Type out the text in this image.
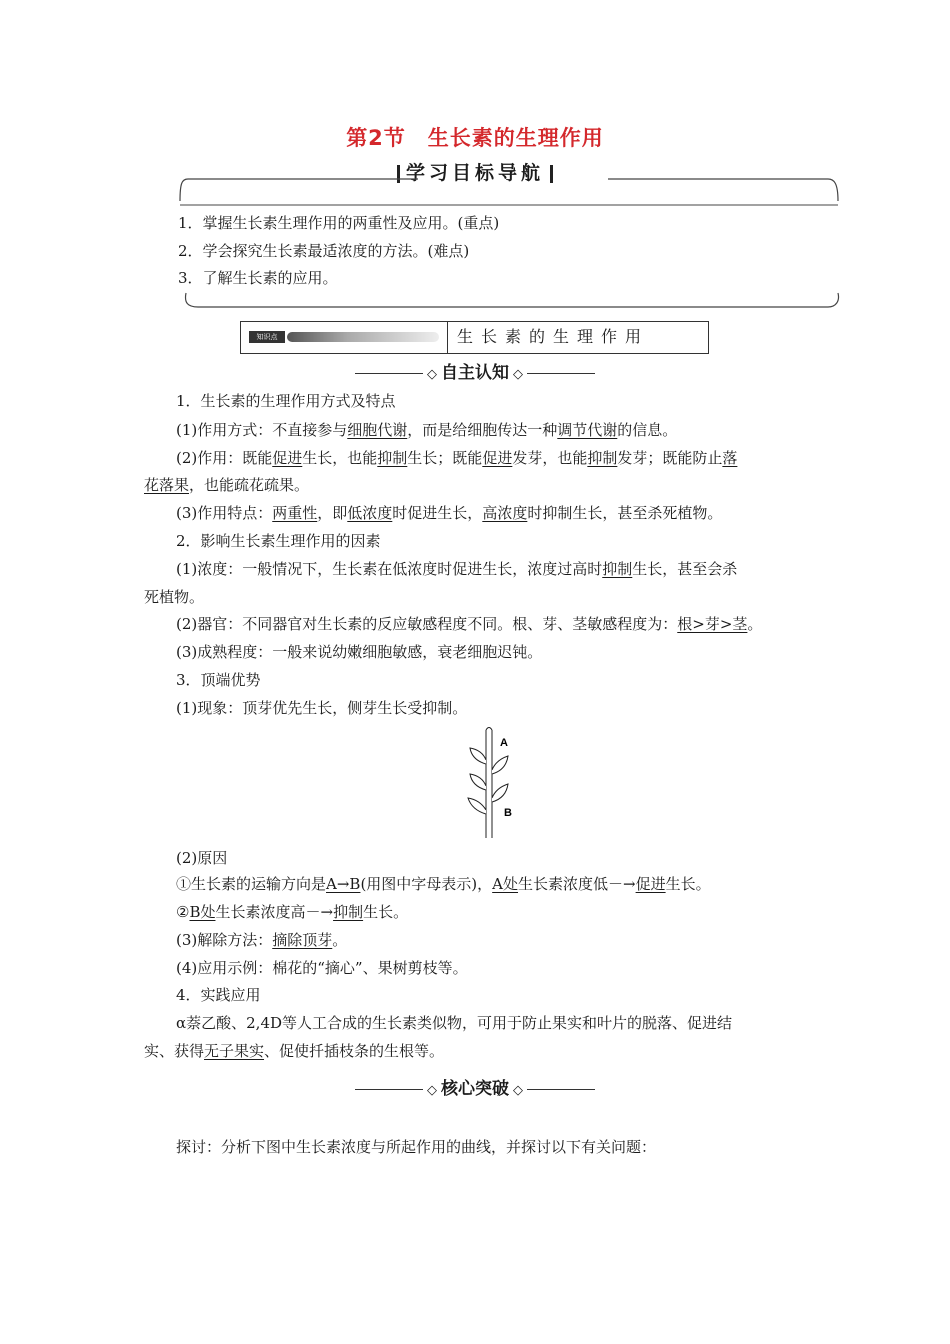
第2节　生长素的生理作用
学习目标导航
1．掌握生长素生理作用的两重性及应用。(重点)
2．学会探究生长素最适浓度的方法。(难点)
3．了解生长素的应用。
知识点	生长素的生理作用
◇ 自主认知 ◇
1．生长素的生理作用方式及特点
(1)作用方式：不直接参与细胞代谢，而是给细胞传达一种调节代谢的信息。
(2)作用：既能促进生长，也能抑制生长；既能促进发芽，也能抑制发芽；既能防止落
花落果，也能疏花疏果。
(3)作用特点：两重性，即低浓度时促进生长，高浓度时抑制生长，甚至杀死植物。
2．影响生长素生理作用的因素
(1)浓度：一般情况下，生长素在低浓度时促进生长，浓度过高时抑制生长，甚至会杀
死植物。
(2)器官：不同器官对生长素的反应敏感程度不同。根、芽、茎敏感程度为：根>芽>茎。
(3)成熟程度：一般来说幼嫩细胞敏感，衰老细胞迟钝。
3．顶端优势
(1)现象：顶芽优先生长，侧芽生长受抑制。
A
B
(2)原因
①生长素的运输方向是A→B(用图中字母表示)，A处生长素浓度低－→促进生长。
②B处生长素浓度高－→抑制生长。
(3)解除方法：摘除顶芽。
(4)应用示例：棉花的“摘心”、果树剪枝等。
4．实践应用
α萘乙酸、2,4D等人工合成的生长素类似物，可用于防止果实和叶片的脱落、促进结
实、获得无子果实、促使扦插枝条的生根等。
◇ 核心突破 ◇
探讨：分析下图中生长素浓度与所起作用的曲线，并探讨以下有关问题：
